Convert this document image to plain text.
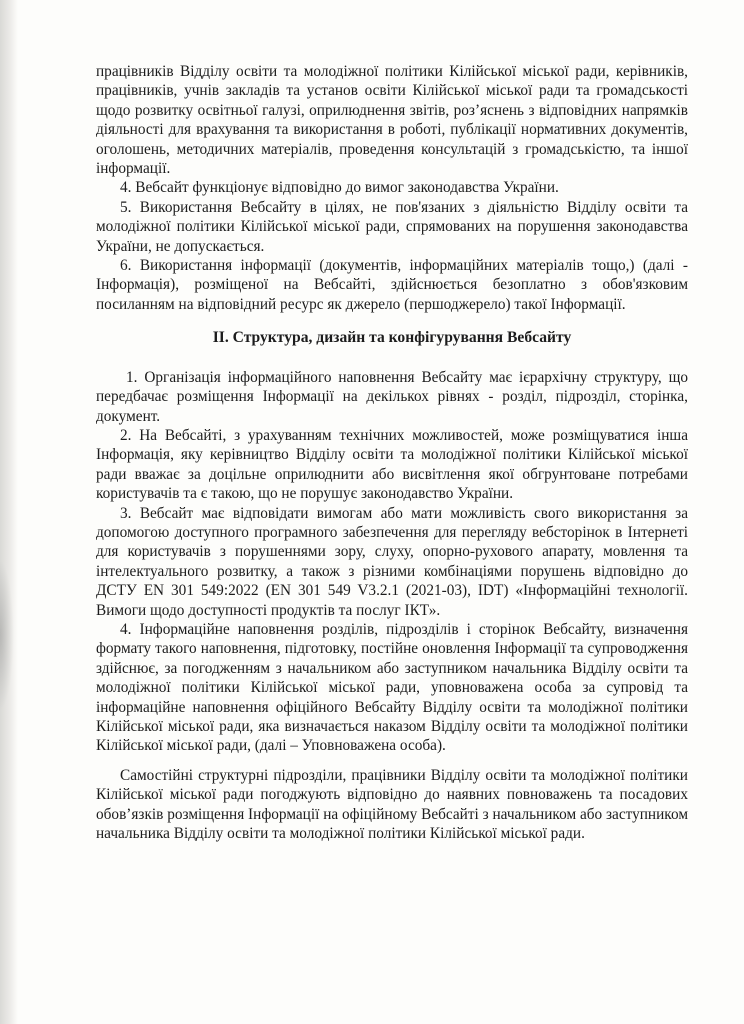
працівників Відділу освіти та молодіжної політики Кілійської міської ради, керівників, працівників, учнів закладів та установ освіти Кілійської міської ради та громадськості щодо розвитку освітньої галузі, оприлюднення звітів, роз’яснень з відповідних напрямків діяльності для врахування та використання в роботі, публікації нормативних документів, оголошень, методичних матеріалів, проведення консультацій з громадськістю, та іншої інформації.

4. Вебсайт функціонує відповідно до вимог законодавства України.

5. Використання Вебсайту в цілях, не пов'язаних з діяльністю Відділу освіти та молодіжної політики Кілійської міської ради, спрямованих на порушення законодавства України, не допускається.

6. Використання інформації (документів, інформаційних матеріалів тощо,) (далі - Інформація), розміщеної на Вебсайті, здійснюється безоплатно з обов'язковим посиланням на відповідний ресурс як джерело (першоджерело) такої Інформації.

ІІ. Структура, дизайн та конфігурування Вебсайту

1. Організація інформаційного наповнення Вебсайту має ієрархічну структуру, що передбачає розміщення Інформації на декількох рівнях - розділ, підрозділ, сторінка, документ.

2. На Вебсайті, з урахуванням технічних можливостей, може розміщуватися інша Інформація, яку керівництво Відділу освіти та молодіжної політики Кілійської міської ради вважає за доцільне оприлюднити або висвітлення якої обгрунтоване потребами користувачів та є такою, що не порушує законодавство України.

3. Вебсайт має відповідати вимогам або мати можливість свого використання за допомогою доступного програмного забезпечення для перегляду вебсторінок в Інтернеті для користувачів з порушеннями зору, слуху, опорно-рухового апарату, мовлення та інтелектуального розвитку, а також з різними комбінаціями порушень відповідно до ДСТУ EN 301 549:2022 (EN 301 549 V3.2.1 (2021-03), IDT) «Інформаційні технології. Вимоги щодо доступності продуктів та послуг ІКТ».

4. Інформаційне наповнення розділів, підрозділів і сторінок Вебсайту, визначення формату такого наповнення, підготовку, постійне оновлення Інформації та супроводження здійснює, за погодженням з начальником або заступником начальника Відділу освіти та молодіжної політики Кілійської міської ради, уповноважена особа за супровід та інформаційне наповнення офіційного Вебсайту Відділу освіти та молодіжної політики Кілійської міської ради, яка визначається наказом Відділу освіти та молодіжної політики Кілійської міської ради, (далі – Уповноважена особа).

Самостійні структурні підрозділи, працівники Відділу освіти та молодіжної політики Кілійської міської ради погоджують відповідно до наявних повноважень та посадових обов’язків розміщення Інформації на офіційному Вебсайті з начальником або заступником начальника Відділу освіти та молодіжної політики Кілійської міської ради.
